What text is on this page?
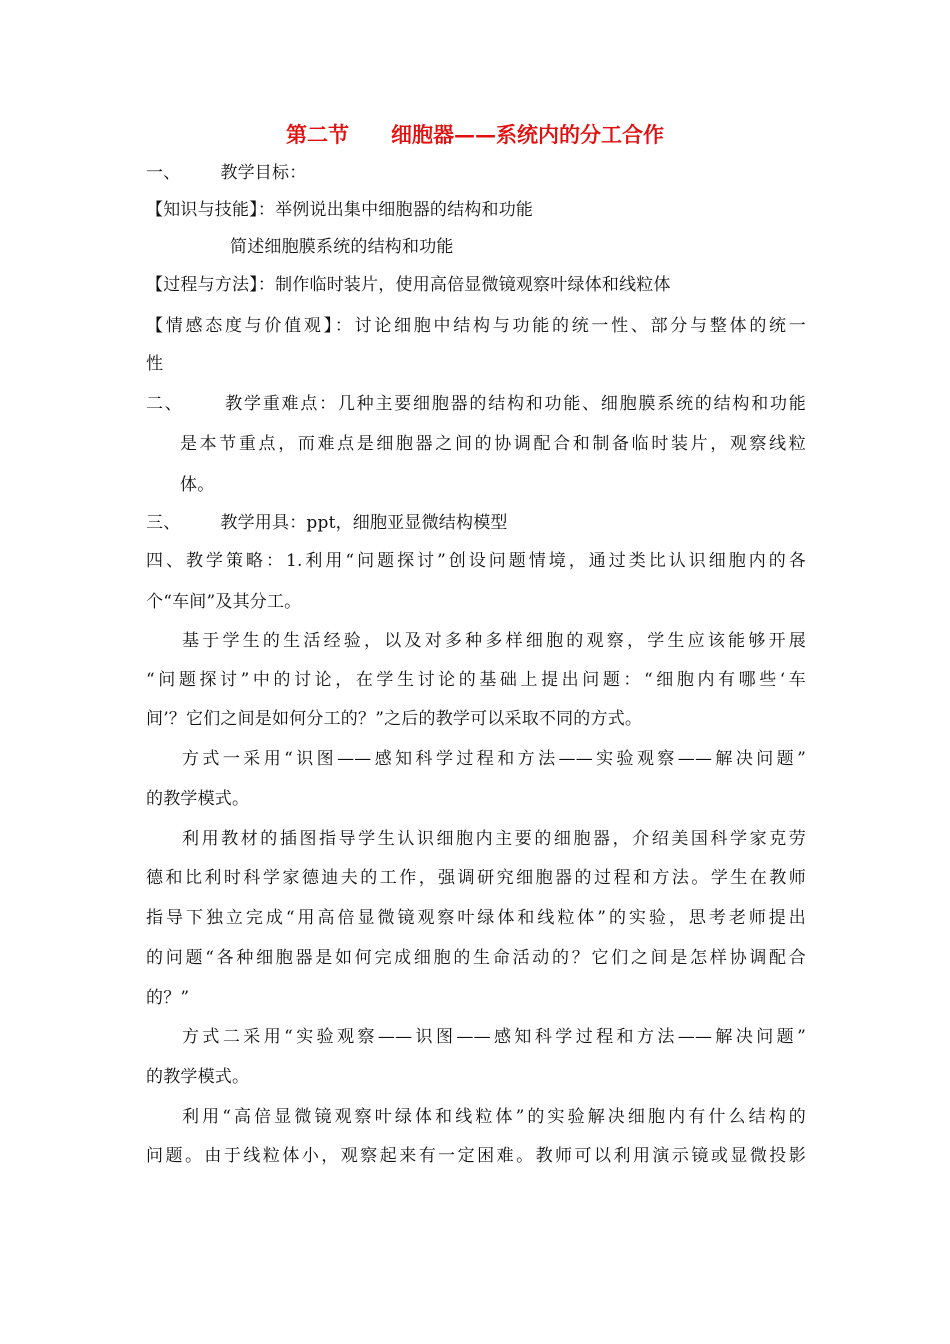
第二节　　细胞器——系统内的分工合作
一、 教学目标：
【知识与技能】：举例说出集中细胞器的结构和功能
简述细胞膜系统的结构和功能
【过程与方法】：制作临时装片，使用高倍显微镜观察叶绿体和线粒体
【情感态度与价值观】：讨论细胞中结构与功能的统一性、部分与整体的统一
性
二、 教学重难点：几种主要细胞器的结构和功能、细胞膜系统的结构和功能
是本节重点，而难点是细胞器之间的协调配合和制备临时装片，观察线粒
体。
三、 教学用具：ppt，细胞亚显微结构模型
四、教学策略：1.利用“问题探讨”创设问题情境，通过类比认识细胞内的各
个“车间”及其分工。
基于学生的生活经验，以及对多种多样细胞的观察，学生应该能够开展
“问题探讨”中的讨论，在学生讨论的基础上提出问题：“细胞内有哪些‘车
间’？它们之间是如何分工的？”之后的教学可以采取不同的方式。
方式一采用“识图——感知科学过程和方法——实验观察——解决问题”
的教学模式。
利用教材的插图指导学生认识细胞内主要的细胞器，介绍美国科学家克劳
德和比利时科学家德迪夫的工作，强调研究细胞器的过程和方法。学生在教师
指导下独立完成“用高倍显微镜观察叶绿体和线粒体”的实验，思考老师提出
的问题“各种细胞器是如何完成细胞的生命活动的？它们之间是怎样协调配合
的？”
方式二采用“实验观察——识图——感知科学过程和方法——解决问题”
的教学模式。
利用“高倍显微镜观察叶绿体和线粒体”的实验解决细胞内有什么结构的
问题。由于线粒体小，观察起来有一定困难。教师可以利用演示镜或显微投影
